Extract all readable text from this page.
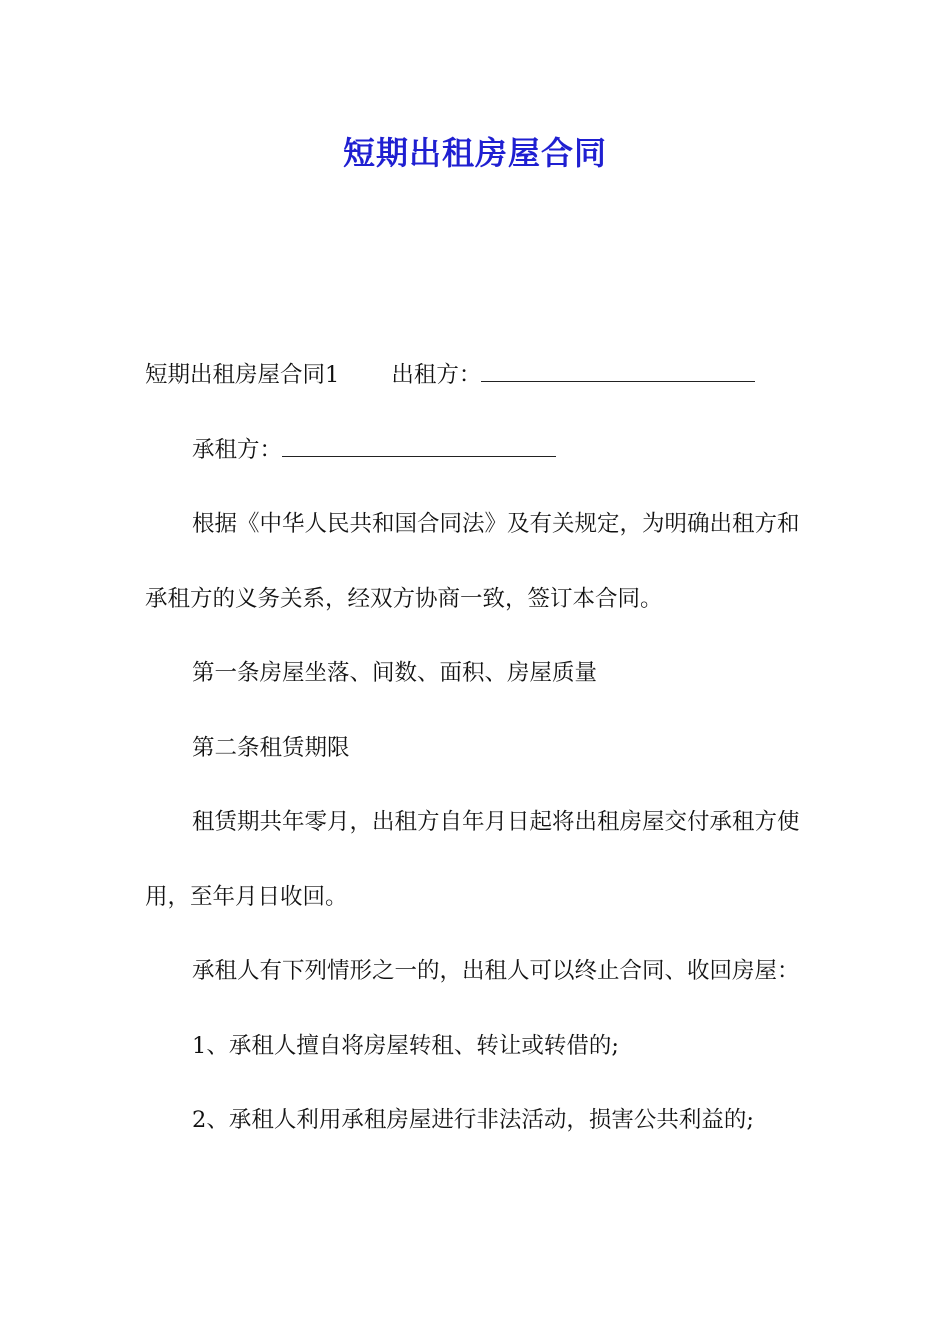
短期出租房屋合同

短期出租房屋合同1 出租方：

承租方：

根据《中华人民共和国合同法》及有关规定，为明确出租方和承租方的义务关系，经双方协商一致，签订本合同。

第一条房屋坐落、间数、面积、房屋质量

第二条租赁期限

租赁期共年零月，出租方自年月日起将出租房屋交付承租方使用，至年月日收回。

承租人有下列情形之一的，出租人可以终止合同、收回房屋：

1、承租人擅自将房屋转租、转让或转借的;

2、承租人利用承租房屋进行非法活动，损害公共利益的;
